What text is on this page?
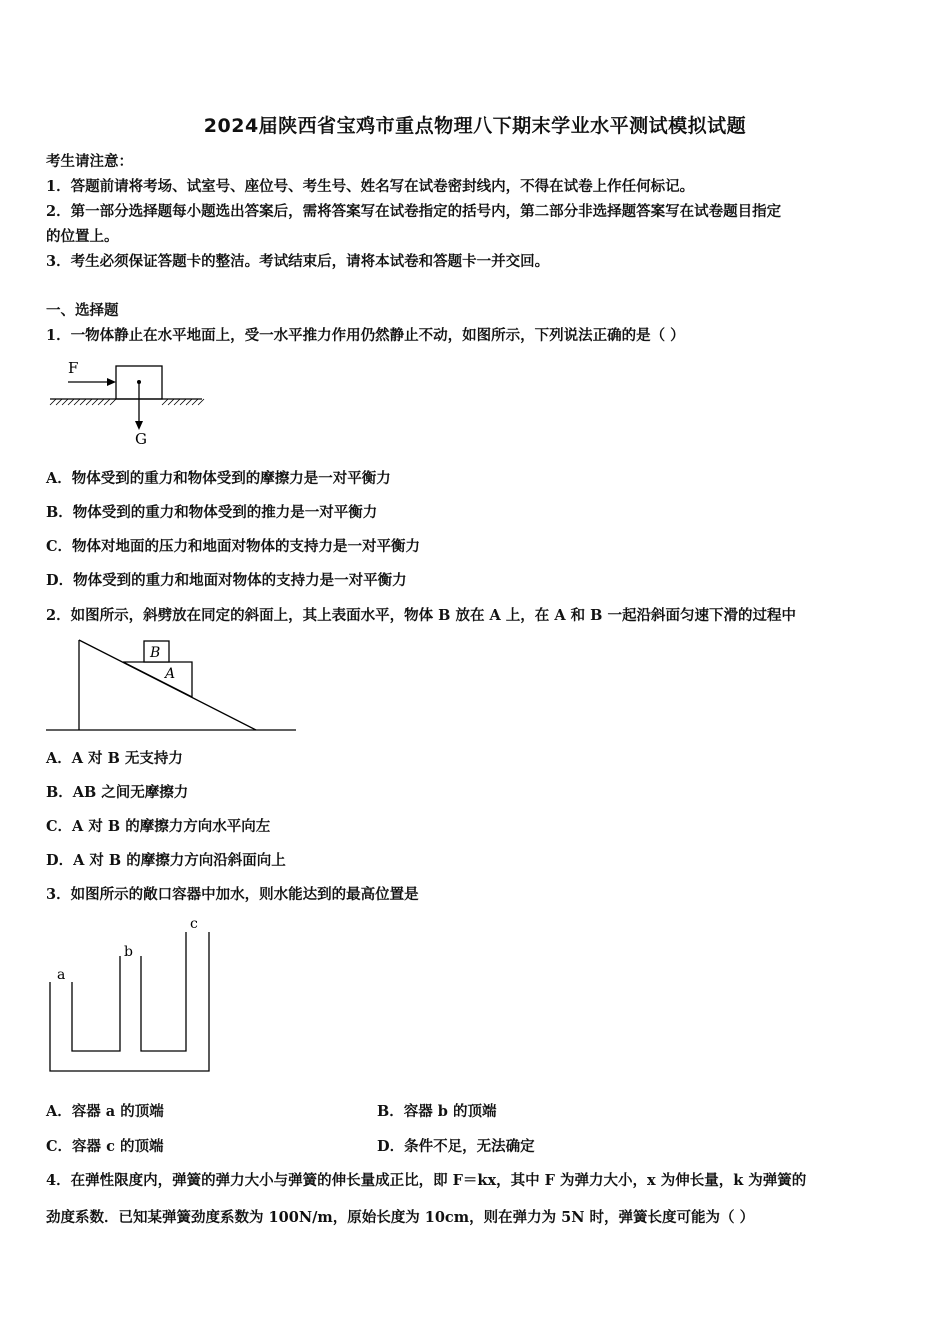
2024届陕西省宝鸡市重点物理八下期末学业水平测试模拟试题
考生请注意：
1．答题前请将考场、试室号、座位号、考生号、姓名写在试卷密封线内，不得在试卷上作任何标记。
2．第一部分选择题每小题选出答案后，需将答案写在试卷指定的括号内，第二部分非选择题答案写在试卷题目指定
的位置上。
3．考生必须保证答题卡的整洁。考试结束后，请将本试卷和答题卡一并交回。
一、选择题
1．一物体静止在水平地面上，受一水平推力作用仍然静止不动，如图所示，下列说法正确的是（ ）
F
G
A．物体受到的重力和物体受到的摩擦力是一对平衡力
B．物体受到的重力和物体受到的推力是一对平衡力
C．物体对地面的压力和地面对物体的支持力是一对平衡力
D．物体受到的重力和地面对物体的支持力是一对平衡力
2．如图所示，斜劈放在同定的斜面上，其上表面水平，物体 B 放在 A 上，在 A 和 B 一起沿斜面匀速下滑的过程中
B
A
A．A 对 B 无支持力
B．AB 之间无摩擦力
C．A 对 B 的摩擦力方向水平向左
D．A 对 B 的摩擦力方向沿斜面向上
3．如图所示的敞口容器中加水，则水能达到的最高位置是
a
b
c
A．容器 a 的顶端	B．容器 b 的顶端
C．容器 c 的顶端	D．条件不足，无法确定
4．在弹性限度内，弹簧的弹力大小与弹簧的伸长量成正比，即 F＝kx，其中 F 为弹力大小，x 为伸长量，k 为弹簧的
劲度系数．已知某弹簧劲度系数为 100N/m，原始长度为 10cm，则在弹力为 5N 时，弹簧长度可能为（ ）
